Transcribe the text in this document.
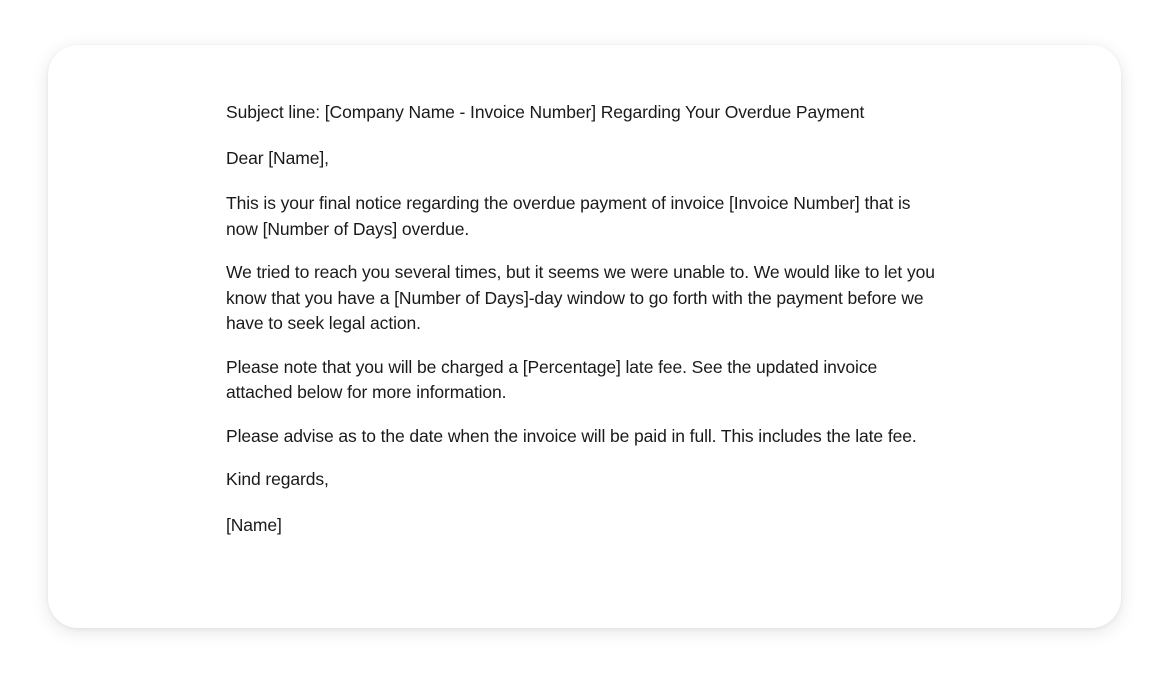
Subject line: [Company Name - Invoice Number] Regarding Your Overdue Payment

Dear [Name],

This is your final notice regarding the overdue payment of invoice [Invoice Number] that is now [Number of Days] overdue.

We tried to reach you several times, but it seems we were unable to. We would like to let you know that you have a [Number of Days]-day window to go forth with the payment before we have to seek legal action.

Please note that you will be charged a [Percentage] late fee. See the updated invoice attached below for more information.

Please advise as to the date when the invoice will be paid in full. This includes the late fee.

Kind regards,

[Name]
